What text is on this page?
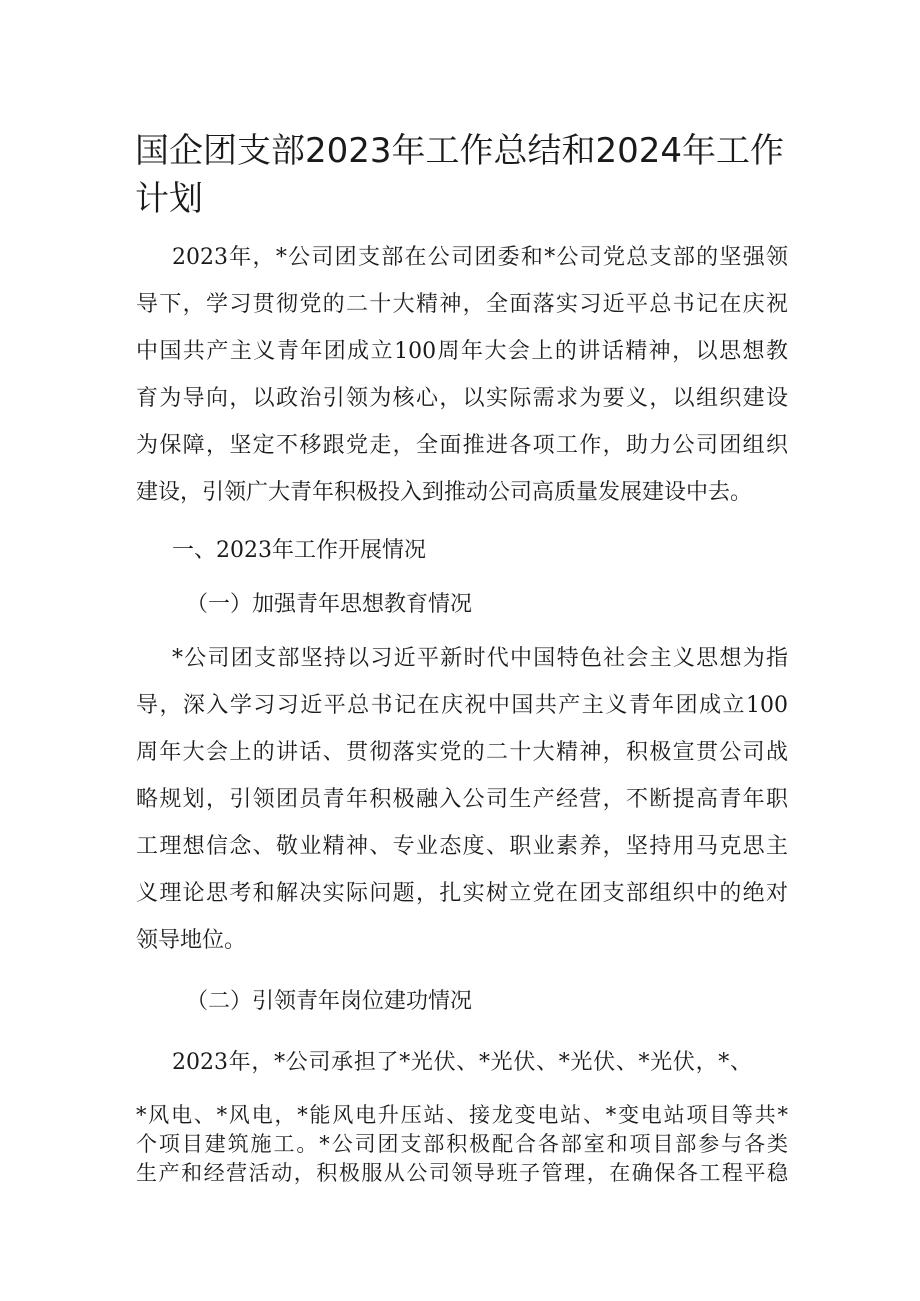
国企团支部2023年工作总结和2024年工作
计划
2023年，*公司团支部在公司团委和*公司党总支部的坚强领
导下，学习贯彻党的二十大精神，全面落实习近平总书记在庆祝
中国共产主义青年团成立100周年大会上的讲话精神，以思想教
育为导向，以政治引领为核心，以实际需求为要义，以组织建设
为保障，坚定不移跟党走，全面推进各项工作，助力公司团组织
建设，引领广大青年积极投入到推动公司高质量发展建设中去。
一、2023年工作开展情况
（一）加强青年思想教育情况
*公司团支部坚持以习近平新时代中国特色社会主义思想为指
导，深入学习习近平总书记在庆祝中国共产主义青年团成立100
周年大会上的讲话、贯彻落实党的二十大精神，积极宣贯公司战
略规划，引领团员青年积极融入公司生产经营，不断提高青年职
工理想信念、敬业精神、专业态度、职业素养，坚持用马克思主
义理论思考和解决实际问题，扎实树立党在团支部组织中的绝对
领导地位。
（二）引领青年岗位建功情况
2023年，*公司承担了*光伏、*光伏、*光伏、*光伏，*、
*风电、*风电，*能风电升压站、接龙变电站、*变电站项目等共*
个项目建筑施工。*公司团支部积极配合各部室和项目部参与各类
生产和经营活动，积极服从公司领导班子管理，在确保各工程平稳
